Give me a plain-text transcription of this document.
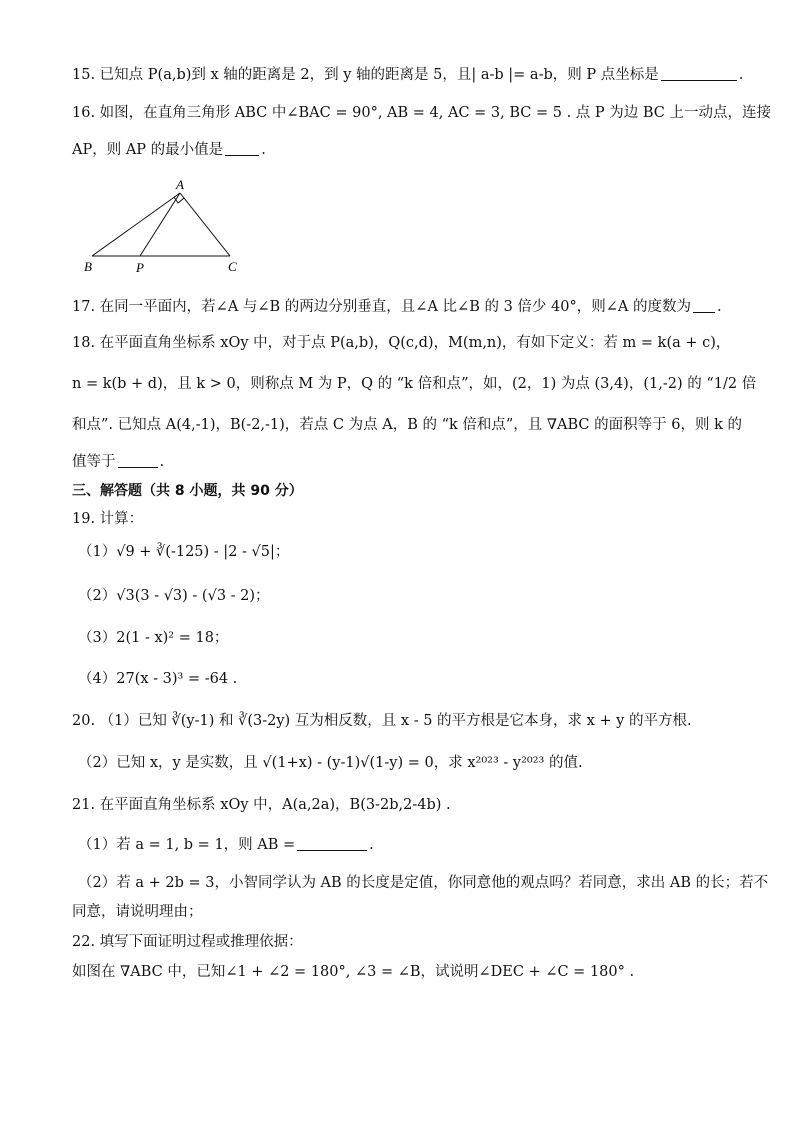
15. 已知点 P(a,b)到 x 轴的距离是 2，到 y 轴的距离是 5，且| a-b |= a-b，则 P 点坐标是	.
16. 如图，在直角三角形 ABC 中∠BAC = 90°, AB = 4, AC = 3, BC = 5 . 点 P 为边 BC 上一动点，连接
AP，则 AP 的最小值是	.
A
B	P	C
17. 在同一平面内，若∠A 与∠B 的两边分别垂直，且∠A 比∠B 的 3 倍少 40°，则∠A 的度数为 .
18. 在平面直角坐标系 xOy 中，对于点 P(a,b)，Q(c,d)，M(m,n)，有如下定义：若 m = k(a + c)，
n = k(b + d)，且 k > 0，则称点 M 为 P，Q 的 “k 倍和点”，如，(2，1) 为点 (3,4)，(1,-2) 的 “1/2 倍
和点”. 已知点 A(4,-1)，B(-2,-1)，若点 C 为点 A，B 的 “k 倍和点”，且 ∇ABC 的面积等于 6，则 k 的
值等于	.
三、解答题（共 8 小题，共 90 分）
19. 计算：
（1）√9 + ∛(-125) - |2 - √5|；
（2）√3(3 - √3) - (√3 - 2)；
（3）2(1 - x)² = 18；
（4）27(x - 3)³ = -64 .
20. （1）已知 ∛(y-1) 和 ∛(3-2y) 互为相反数，且 x - 5 的平方根是它本身，求 x + y 的平方根.
（2）已知 x，y 是实数，且 √(1+x) - (y-1)√(1-y) = 0，求 x²⁰²³ - y²⁰²³ 的值.
21. 在平面直角坐标系 xOy 中，A(a,2a)，B(3-2b,2-4b) .
（1）若 a = 1, b = 1，则 AB =	.
（2）若 a + 2b = 3，小智同学认为 AB 的长度是定值，你同意他的观点吗？若同意，求出 AB 的长；若不
同意，请说明理由；
22. 填写下面证明过程或推理依据：
如图在 ∇ABC 中，已知∠1 + ∠2 = 180°, ∠3 = ∠B，试说明∠DEC + ∠C = 180° .
